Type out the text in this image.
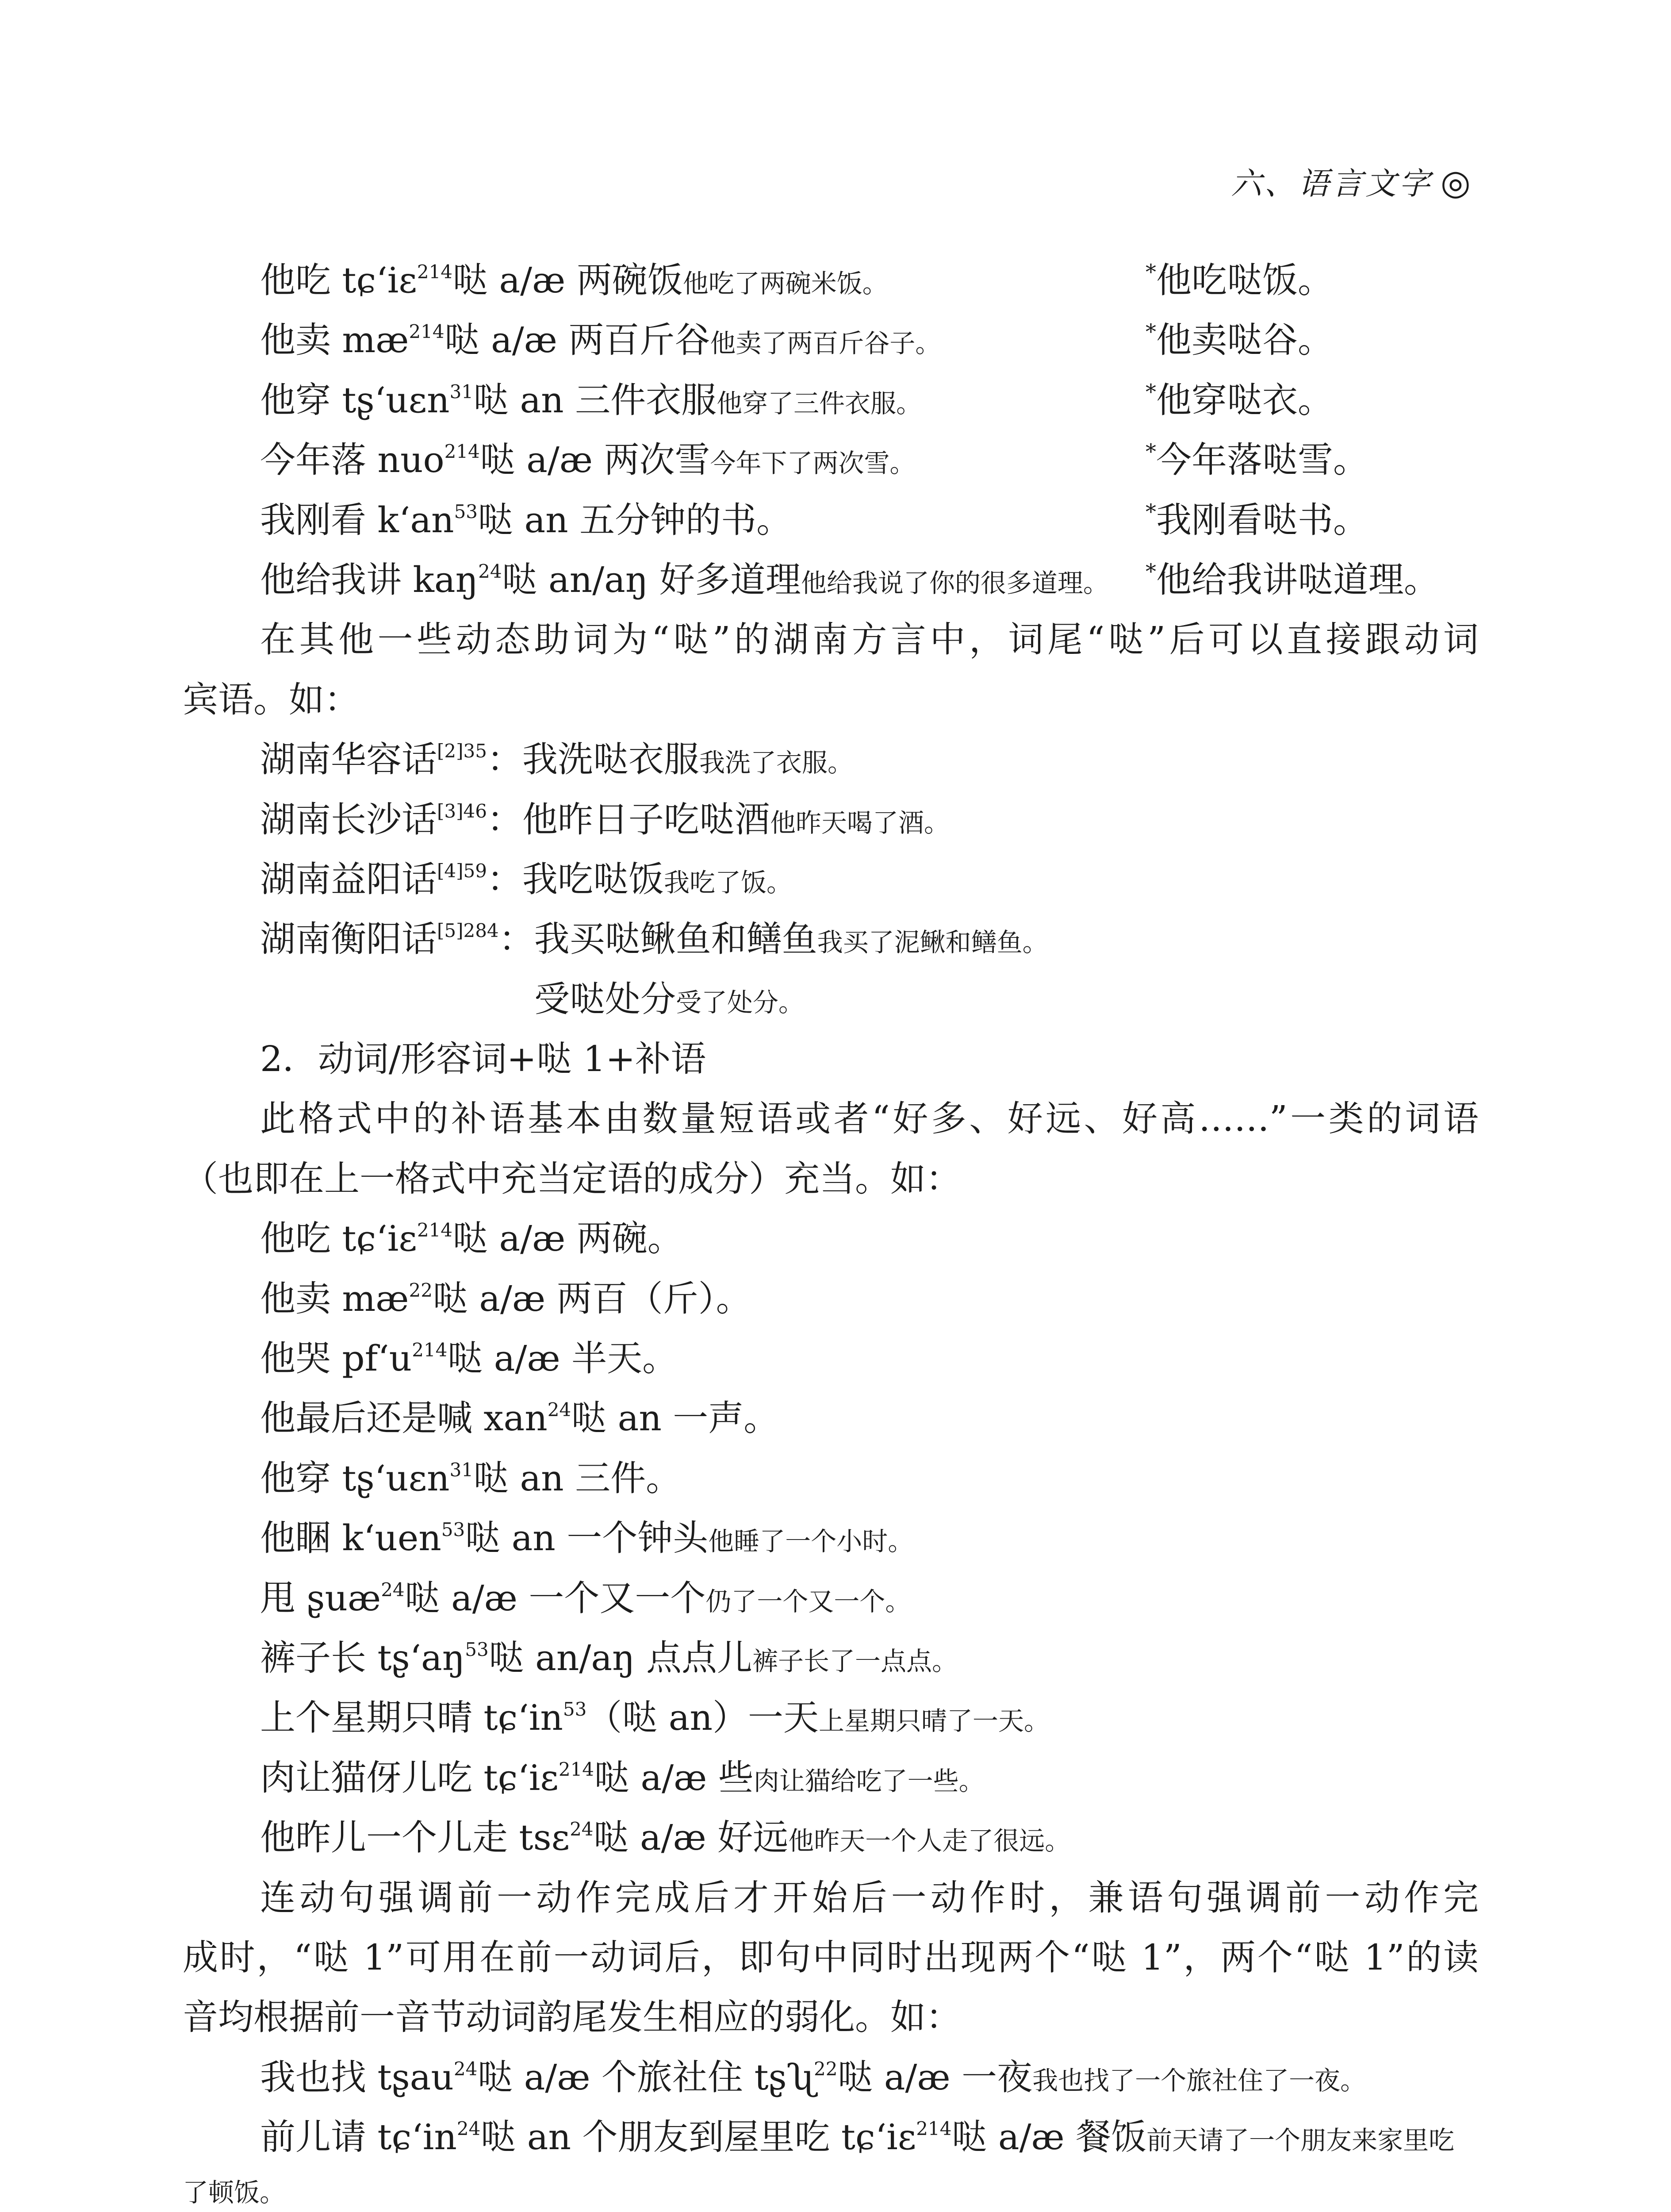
六、语言文字 ◎
他吃 tɕ‘iɛ$^{214}$哒 a/æ 两碗饭他吃了两碗米饭。	*他吃哒饭。
他卖 $mæ^{214}$哒 a/æ 两百斤谷他卖了两百斤谷子。	*他卖哒谷。
他穿 tʂ‘uɛn$^{31}$哒 an 三件衣服他穿了三件衣服。	*他穿哒衣。
今年落 nuo$^{214}$哒 a/æ 两次雪今年下了两次雪。	*今年落哒雪。
我刚看 $k‘an^{53}$哒 an 五分钟的书。	*我刚看哒书。
他给我讲 kaŋ$^{24}$哒 an/aŋ 好多道理他给我说了你的很多道理。 *他给我讲哒道理。
在其他一些动态助词为“哒”的湖南方言中，词尾“哒”后可以直接跟动词
宾语。如：
湖南华容话$^{[2]35}$：我洗哒衣服我洗了衣服。
湖南长沙话$^{[3]46}$：他昨日子吃哒酒他昨天喝了酒。
湖南益阳话$^{[4]59}$：我吃哒饭我吃了饭。
湖南衡阳话$^{[5]284}$：我买哒鳅鱼和鳝鱼我买了泥鳅和鳝鱼。
受哒处分受了处分。
2．动词/形容词+哒 1+补语
此格式中的补语基本由数量短语或者“好多、好远、好高……”一类的词语
（也即在上一格式中充当定语的成分）充当。如：
他吃 tɕ‘iɛ$^{214}$哒 a/æ 两碗。
他卖 $mæ^{22}$哒 a/æ 两百（斤）。
他哭 $pf‘u^{214}$哒 a/æ 半天。
他最后还是喊 xan$^{24}$哒 an 一声。
他穿 tʂ‘uɛn$^{31}$哒 an 三件。
他睏 k‘uen$^{53}$哒 an 一个钟头他睡了一个小时。
甩 ʂuæ$^{24}$哒 a/æ 一个又一个仍了一个又一个。
裤子长 $tʂ‘aŋ^{53}$哒 an/aŋ 点点儿裤子长了一点点。
上个星期只晴 $tɕ‘in^{53}$（哒 an）一天上星期只晴了一天。
肉让猫伢儿吃 tɕ‘iɛ$^{214}$哒 a/æ 些肉让猫给吃了一些。
他昨儿一个儿走 tsɛ$^{24}$哒 a/æ 好远他昨天一个人走了很远。
连动句强调前一动作完成后才开始后一动作时，兼语句强调前一动作完
成时，“哒 1”可用在前一动词后，即句中同时出现两个“哒 1”，两个“哒 1”的读
音均根据前一音节动词韵尾发生相应的弱化。如：
我也找 tʂau$^{24}$哒 a/æ 个旅社住 tʂʯ$^{22}$哒 a/æ 一夜我也找了一个旅社住了一夜。
前儿请 $tɕ‘in^{24}$哒 an 个朋友到屋里吃 tɕ‘iɛ$^{214}$哒 a/æ 餐饭前天请了一个朋友来家里吃
了顿饭。
